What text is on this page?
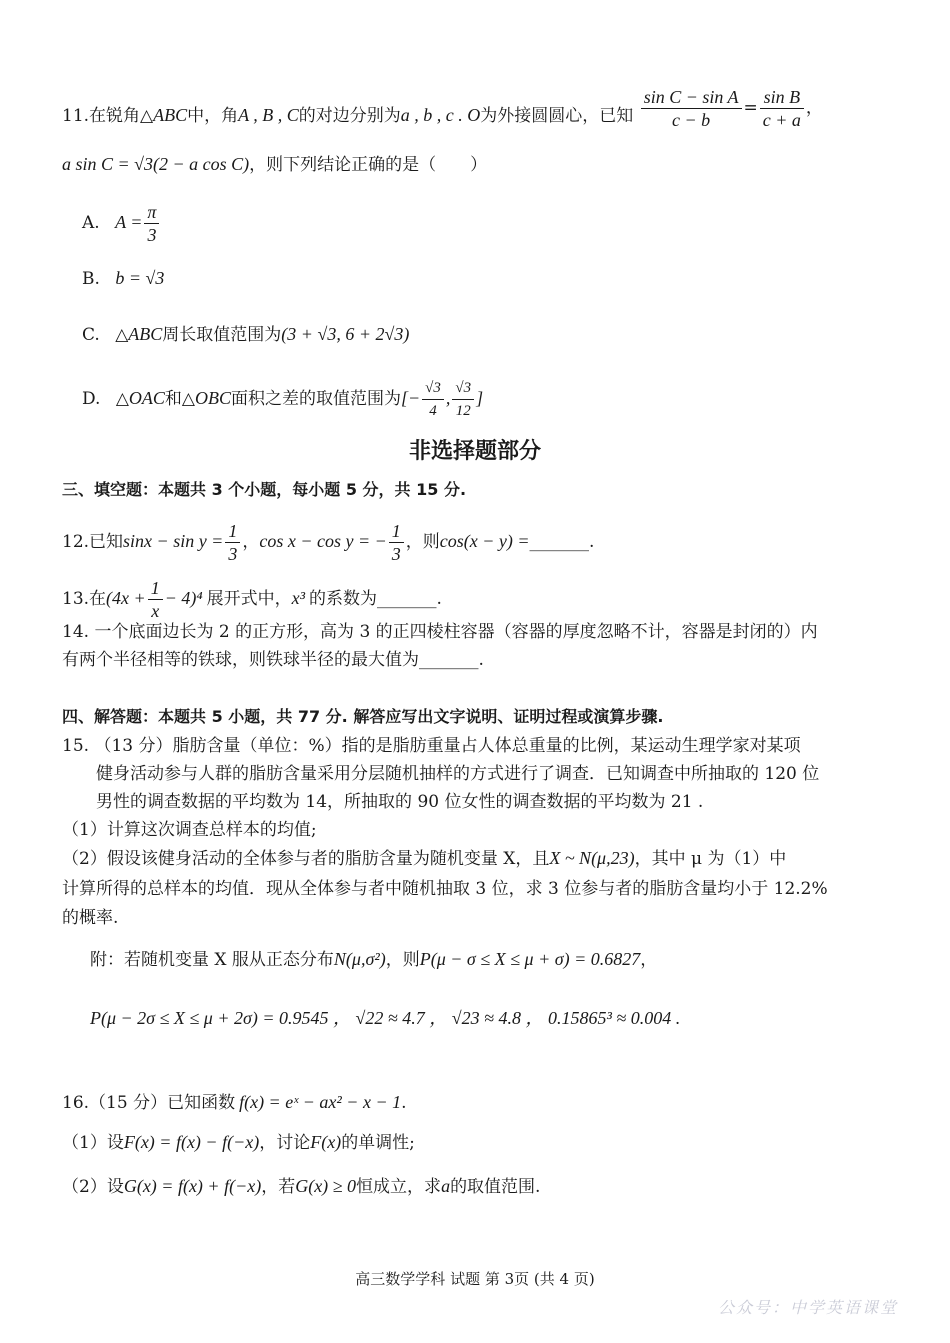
11.在锐角△ABC中，角A , B , C的对边分别为a , b , c . O为外接圆圆心，已知 $\frac{\text{sin C − sin A}}{c - b} = \frac{\text{sin B}}{c + a}$ ，
a sin C = √3(2 − a cos C)，则下列结论正确的是（　　）
A. $A = \frac{\pi}{3}$
B. b = √3
C. △ABC周长取值范围为(3 + √3, 6 + 2√3)
D. △OAC和△OBC面积之差的取值范围为[− $\frac{√3}{4}$ , $\frac{√3}{12}$ ]
非选择题部分
三、填空题：本题共 3 个小题，每小题 5 分，共 15 分.
12.已知$\sin x - \sin y = \frac{1}{3}$ ，cos x − cos y = − $\frac{1}{3}$ ，则cos(x − y) =_______.
13.在$(4x + \frac{1}{x} - 4)^4$ 展开式中，x³ 的系数为_______.
14. 一个底面边长为 2 的正方形，高为 3 的正四棱柱容器（容器的厚度忽略不计，容器是封闭的）内
有两个半径相等的铁球，则铁球半径的最大值为_______.
四、解答题：本题共 5 小题，共 77 分. 解答应写出文字说明、证明过程或演算步骤.
15. （13 分）脂肪含量（单位：%）指的是脂肪重量占人体总重量的比例，某运动生理学家对某项
健身活动参与人群的脂肪含量采用分层随机抽样的方式进行了调查．已知调查中所抽取的 120 位
男性的调查数据的平均数为 14，所抽取的 90 位女性的调查数据的平均数为 21 .
（1）计算这次调查总样本的均值;
（2）假设该健身活动的全体参与者的脂肪含量为随机变量 X，且X ~ N(μ,23)，其中 μ 为（1）中
计算所得的总样本的均值．现从全体参与者中随机抽取 3 位，求 3 位参与者的脂肪含量均小于 12.2%
的概率.
附：若随机变量 X 服从正态分布N(μ,σ²)，则P(μ − σ ≤ X ≤ μ + σ) = 0.6827，
P(μ − 2σ ≤ X ≤ μ + 2σ) = 0.9545 ， √22 ≈ 4.7 ， √23 ≈ 4.8 ， 0.15865³ ≈ 0.004 .
16.（15 分）已知函数 f(x) = eˣ − ax² − x − 1.
（1）设F(x) = f(x) − f(−x)，讨论F(x)的单调性;
（2）设G(x) = f(x) + f(−x)，若G(x) ≥ 0恒成立，求a的取值范围.
高三数学学科 试题 第 3页 (共 4 页)
公众号：中学英语课堂
